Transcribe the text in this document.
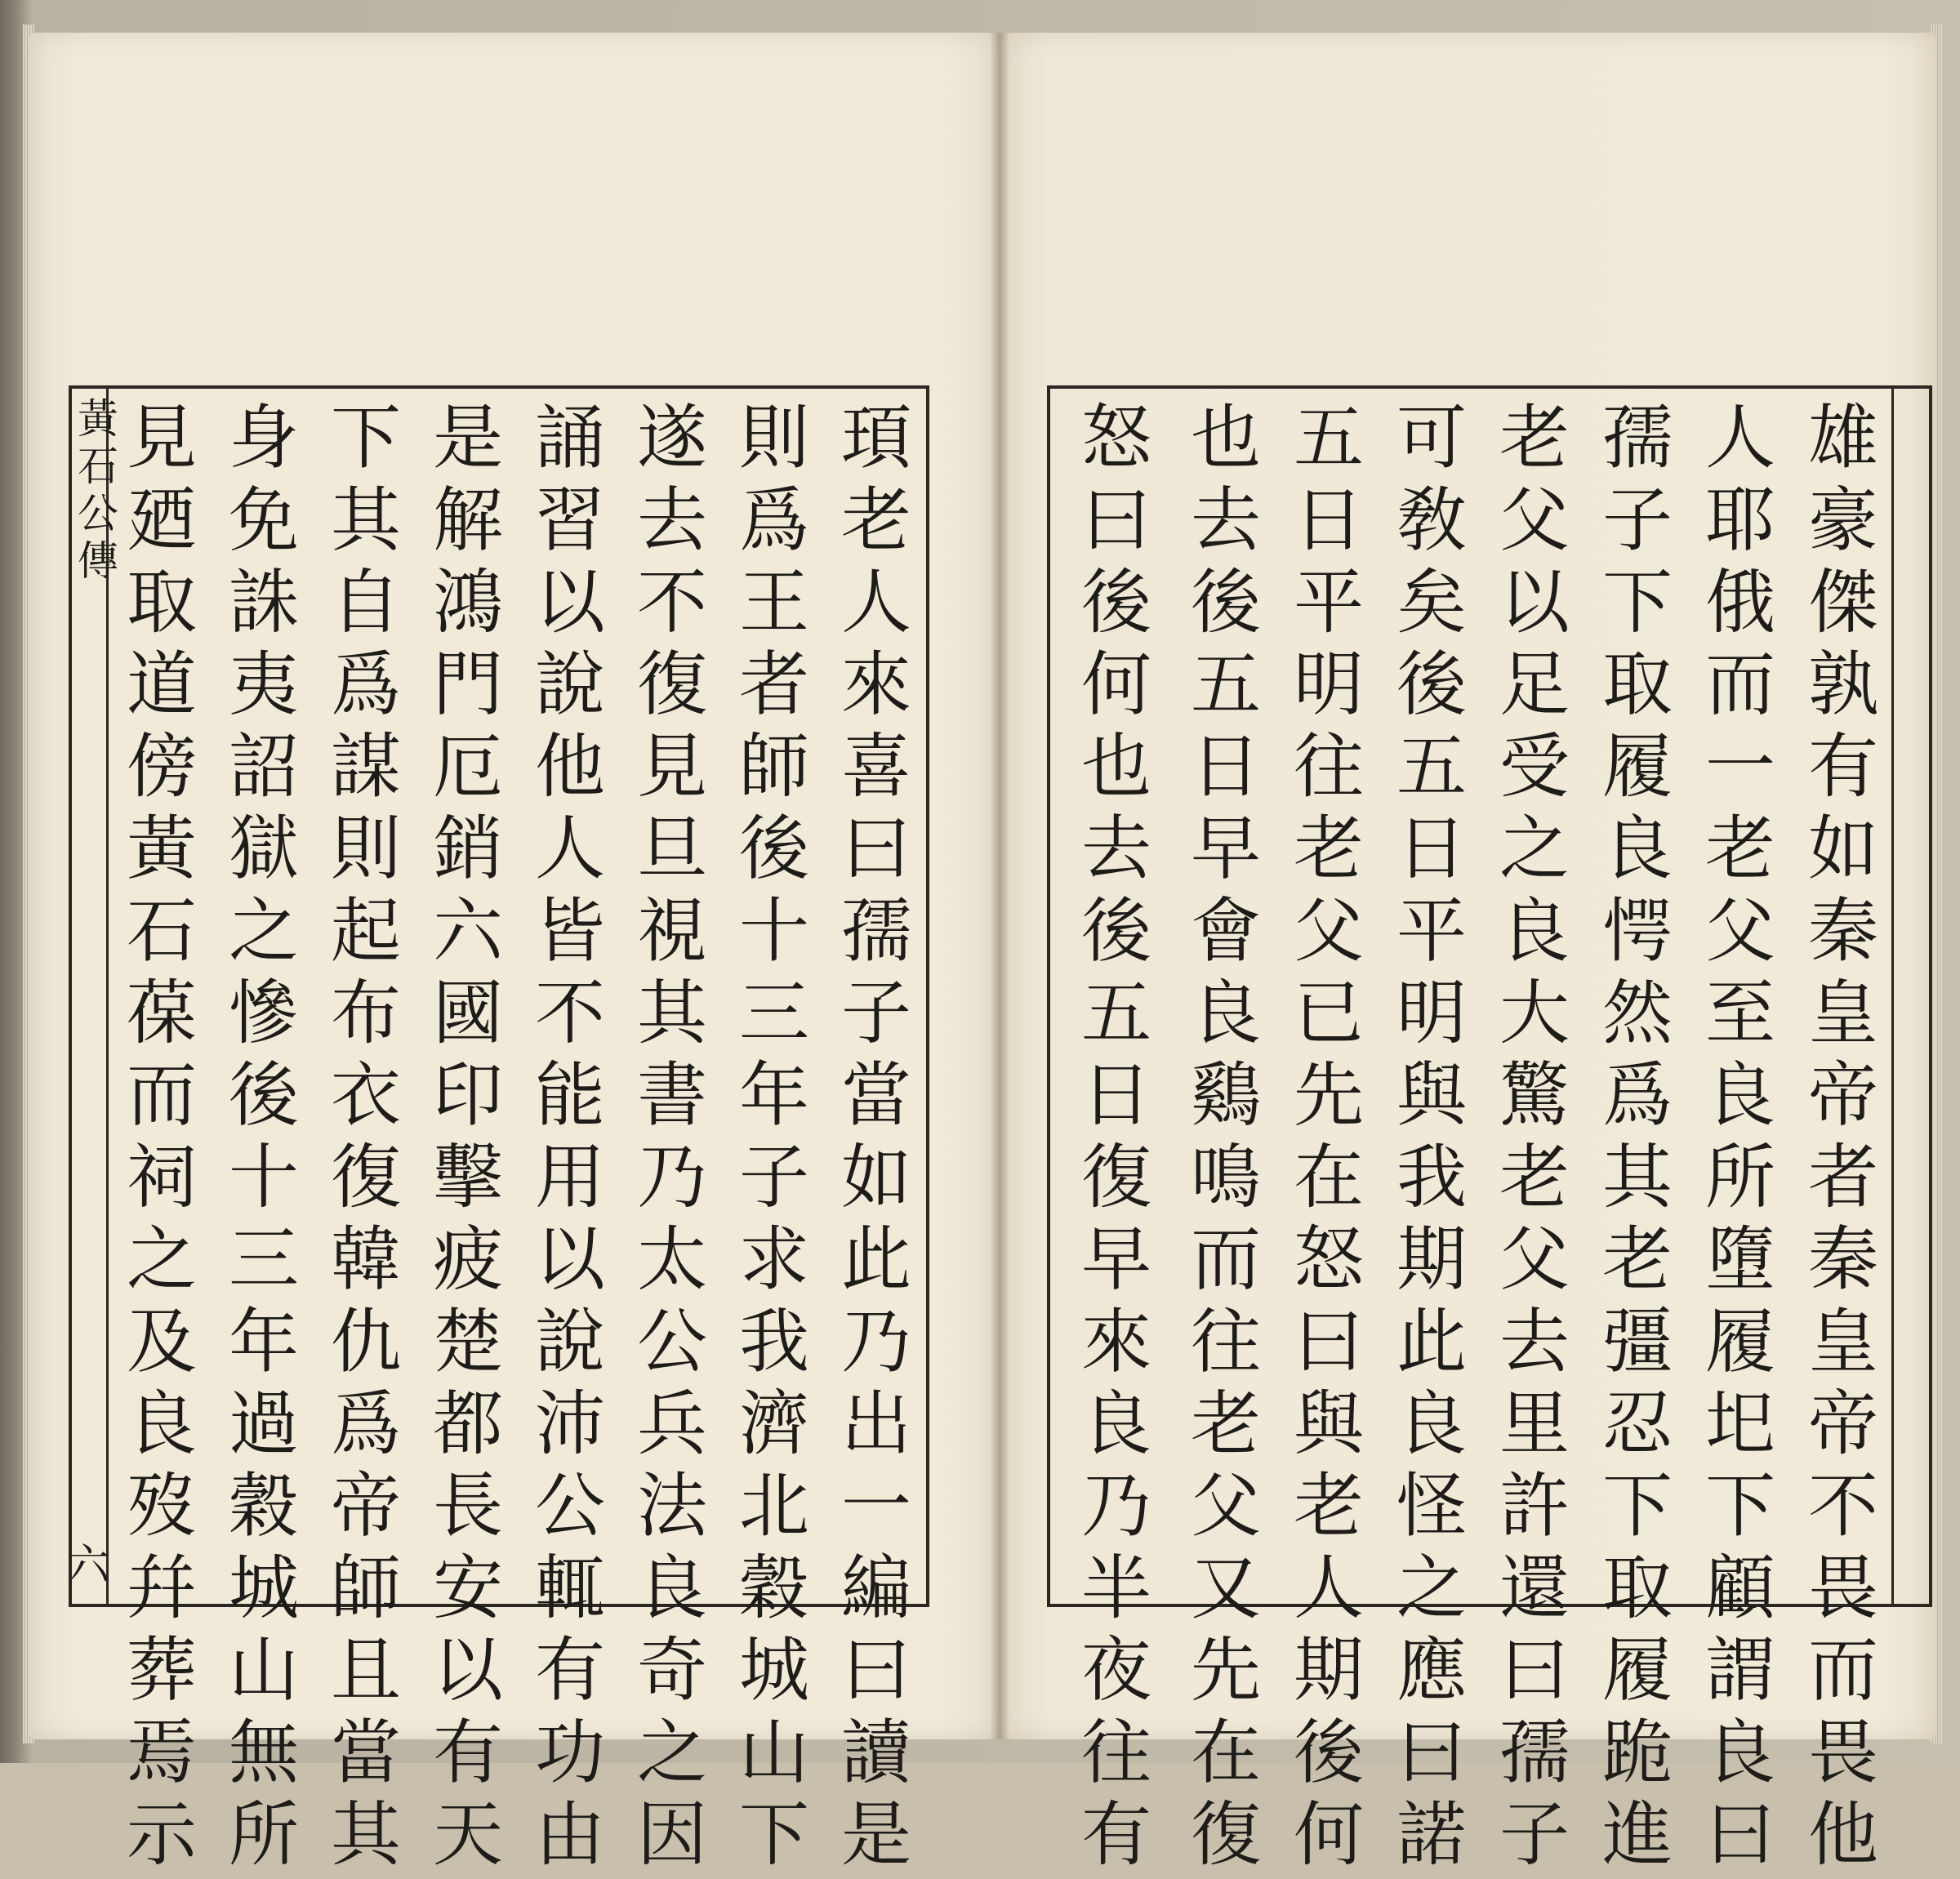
黃石公傳
六	頊老人來喜曰孺子當如此乃出一編曰讀是
則爲王者師後十三年子求我濟北穀城山下
遂去不復見旦視其書乃太公兵法良奇之因
誦習以說他人皆不能用以說沛公輒有功由
是解鴻門厄銷六國印擊疲楚都長安以有天
下其自爲謀則起布衣復韓仇爲帝師且當其
身免誅夷詔獄之慘後十三年過穀城山無所
見廼取道傍黃石葆而祠之及良歿幷葬焉示	雄豪傑孰有如秦皇帝者秦皇帝不畏而畏他
人耶俄而一老父至良所墮履圯下顧謂良曰
孺子下取履良愕然爲其老彊忍下取履跪進
老父以足受之良大驚老父去里許還曰孺子
可敎矣後五日平明與我期此良怪之應曰諾
五日平明往老父已先在怒曰與老人期後何
也去後五日早會良鷄鳴而往老父又先在復
怒曰後何也去後五日復早來良乃半夜往有
